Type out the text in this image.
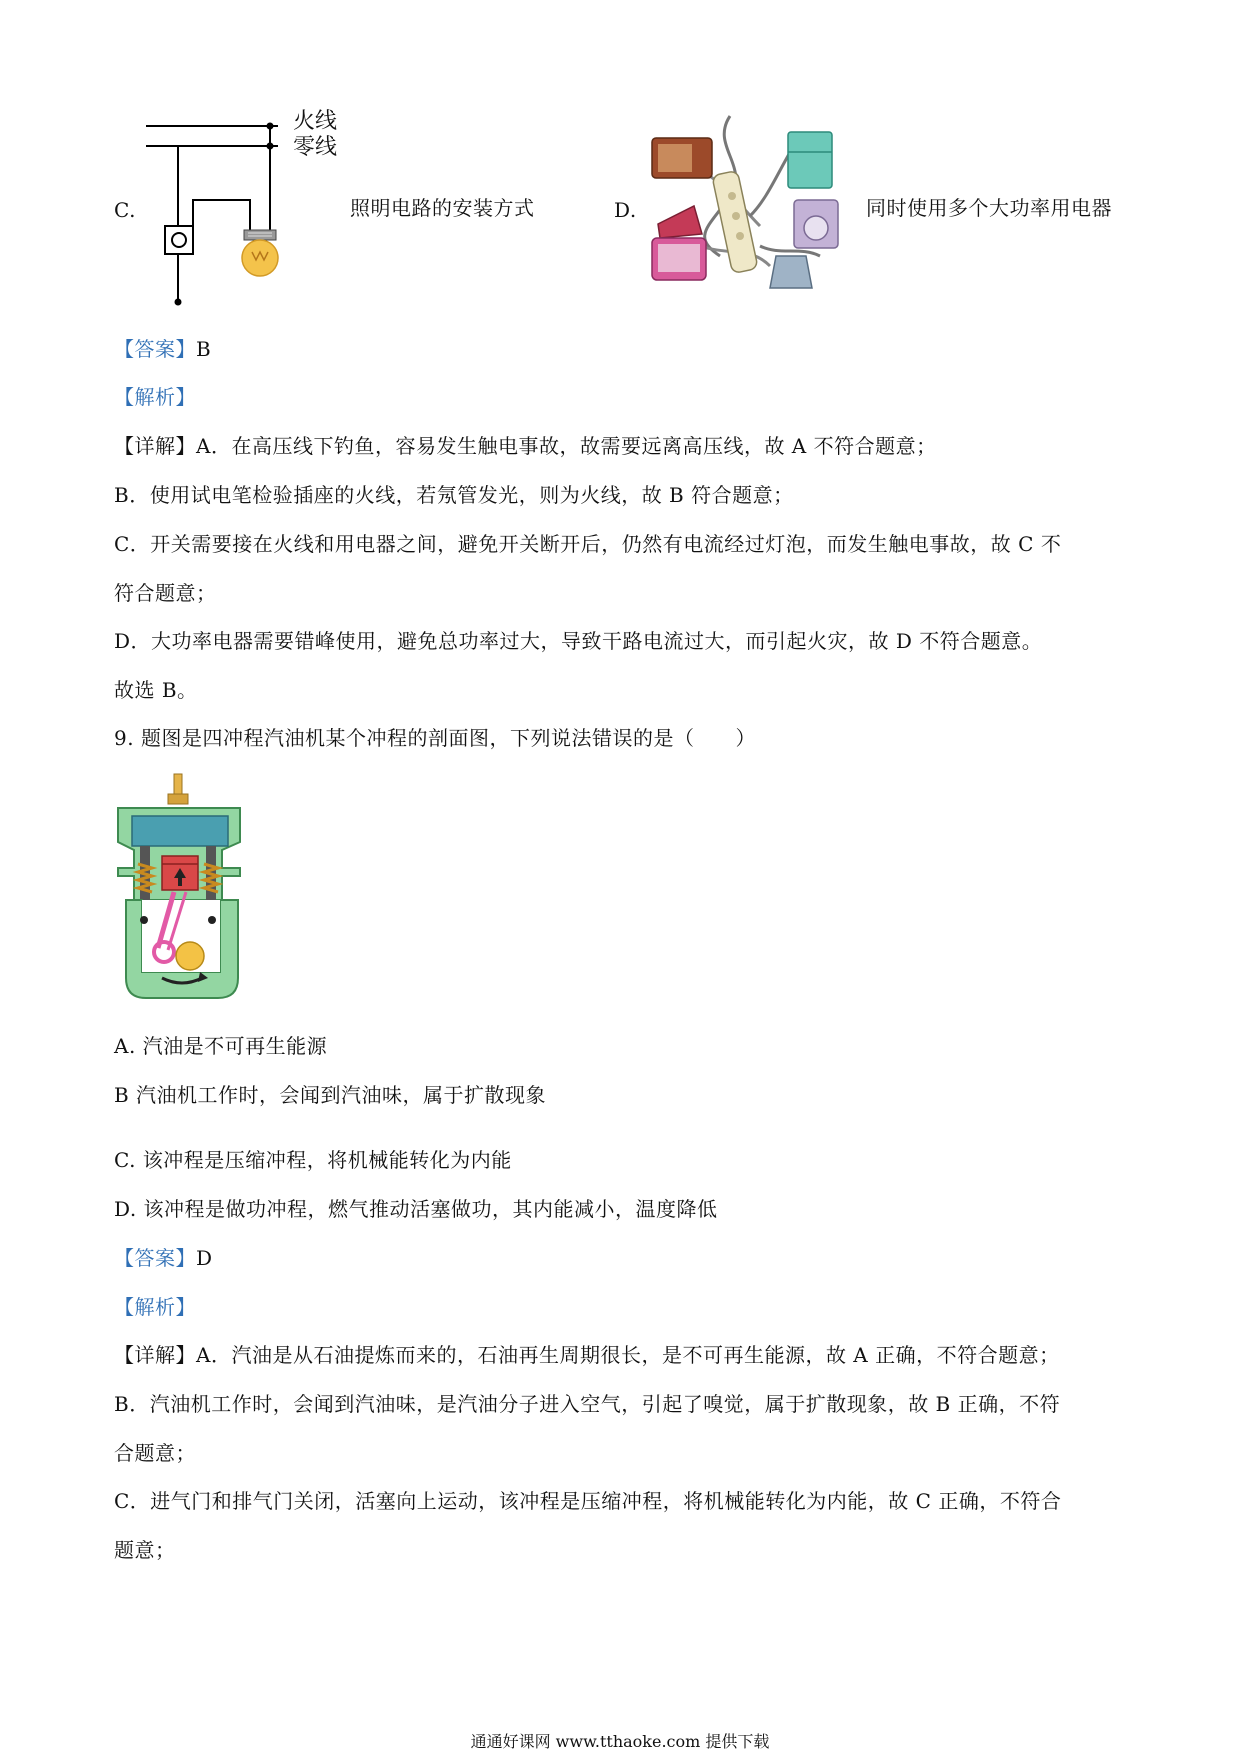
C.
火线
零线
照明电路的安装方式	D.	同时使用多个大功率用电器
【答案】B
【解析】
【详解】A．在高压线下钓鱼，容易发生触电事故，故需要远离高压线，故 A 不符合题意；
B．使用试电笔检验插座的火线，若氖管发光，则为火线，故 B 符合题意；
C．开关需要接在火线和用电器之间，避免开关断开后，仍然有电流经过灯泡，而发生触电事故，故 C 不
符合题意；
D．大功率电器需要错峰使用，避免总功率过大，导致干路电流过大，而引起火灾，故 D 不符合题意。
故选 B。
9. 题图是四冲程汽油机某个冲程的剖面图，下列说法错误的是（　　）
A. 汽油是不可再生能源
B 汽油机工作时，会闻到汽油味，属于扩散现象
C. 该冲程是压缩冲程，将机械能转化为内能
D. 该冲程是做功冲程，燃气推动活塞做功，其内能减小，温度降低
【答案】D
【解析】
【详解】A．汽油是从石油提炼而来的，石油再生周期很长，是不可再生能源，故 A 正确，不符合题意；
B．汽油机工作时，会闻到汽油味，是汽油分子进入空气，引起了嗅觉，属于扩散现象，故 B 正确，不符
合题意；
C．进气门和排气门关闭，活塞向上运动，该冲程是压缩冲程，将机械能转化为内能，故 C 正确，不符合
题意；
通通好课网 www.tthaoke.com 提供下载
